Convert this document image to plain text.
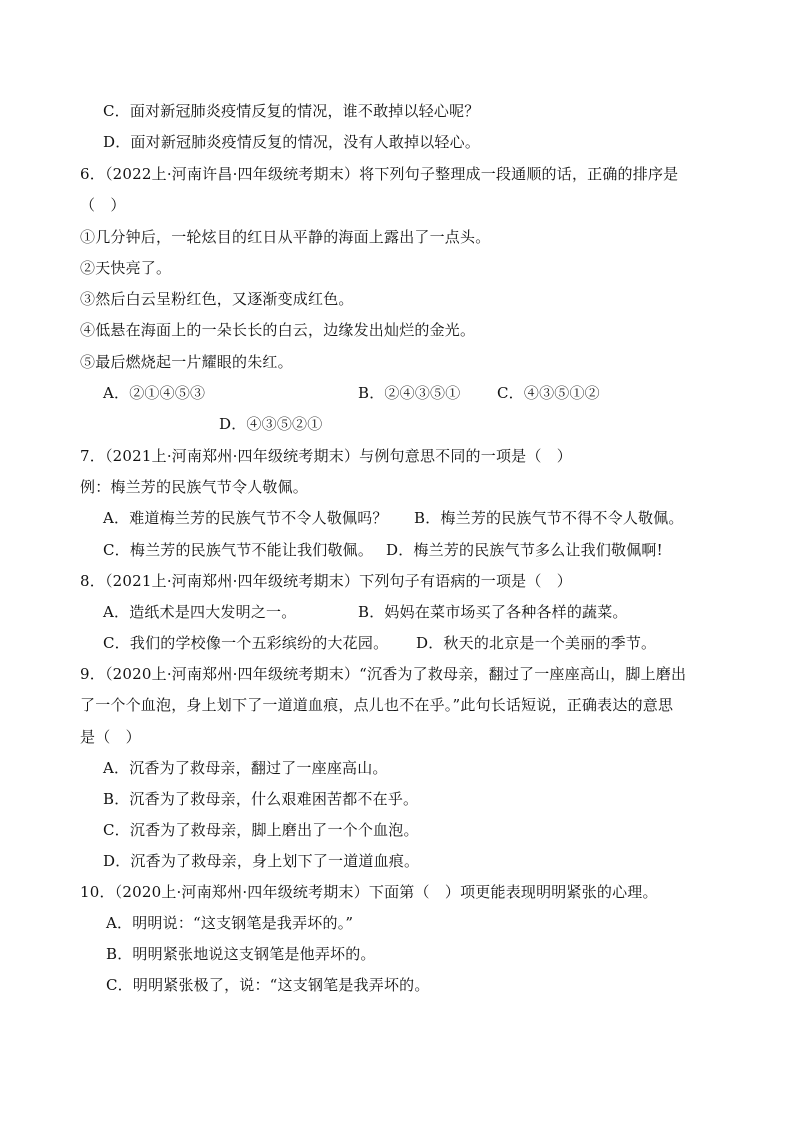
C．面对新冠肺炎疫情反复的情况，谁不敢掉以轻心呢？
D．面对新冠肺炎疫情反复的情况，没有人敢掉以轻心。
6．（2022上·河南许昌·四年级统考期末）将下列句子整理成一段通顺的话，正确的排序是
（　）
①几分钟后，一轮炫目的红日从平静的海面上露出了一点头。
②天快亮了。
③然后白云呈粉红色，又逐渐变成红色。
④低悬在海面上的一朵长长的白云，边缘发出灿烂的金光。
⑤最后燃烧起一片耀眼的朱红。
A．②①④⑤③	B．②④③⑤① C．④③⑤①②
D．④③⑤②①
7．（2021上·河南郑州·四年级统考期末）与例句意思不同的一项是（　）
例：梅兰芳的民族气节令人敬佩。
A．难道梅兰芳的民族气节不令人敬佩吗？ B．梅兰芳的民族气节不得不令人敬佩。
C．梅兰芳的民族气节不能让我们敬佩。 D．梅兰芳的民族气节多么让我们敬佩啊!
8．（2021上·河南郑州·四年级统考期末）下列句子有语病的一项是（　）
A．造纸术是四大发明之一。	B．妈妈在菜市场买了各种各样的蔬菜。
C．我们的学校像一个五彩缤纷的大花园。 D．秋天的北京是一个美丽的季节。
9．（2020上·河南郑州·四年级统考期末）“沉香为了救母亲，翻过了一座座高山，脚上磨出
了一个个血泡，身上划下了一道道血痕，点儿也不在乎。”此句长话短说，正确表达的意思
是（　）
A．沉香为了救母亲，翻过了一座座高山。
B．沉香为了救母亲，什么艰难困苦都不在乎。
C．沉香为了救母亲，脚上磨出了一个个血泡。
D．沉香为了救母亲，身上划下了一道道血痕。
10．（2020上·河南郑州·四年级统考期末）下面第（　）项更能表现明明紧张的心理。
A．明明说：“这支钢笔是我弄坏的。”
B．明明紧张地说这支钢笔是他弄坏的。
C．明明紧张极了，说：“这支钢笔是我弄坏的。
